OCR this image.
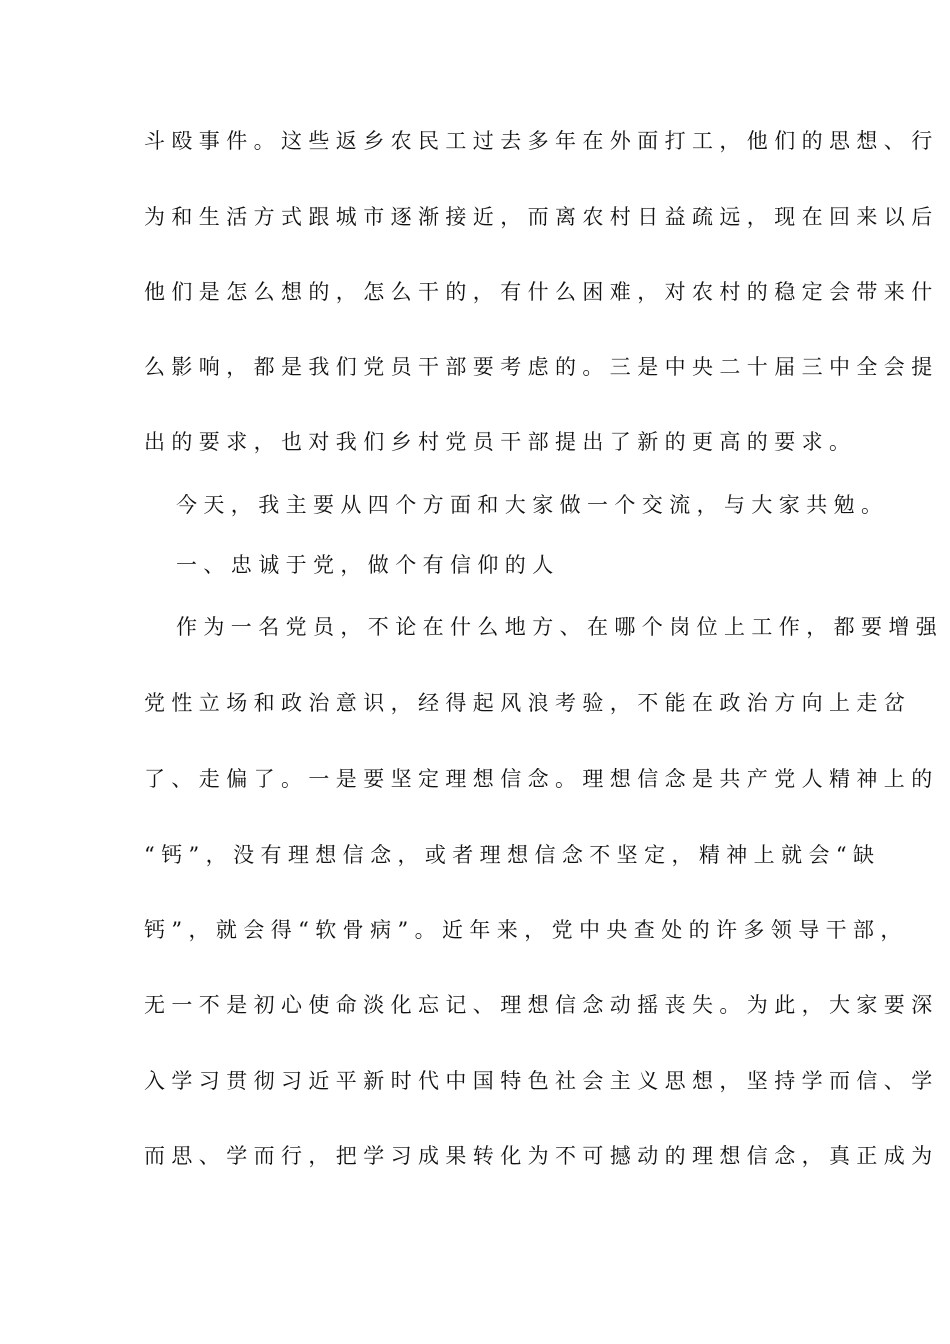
斗殴事件。这些返乡农民工过去多年在外面打工，他们的思想、行
为和生活方式跟城市逐渐接近，而离农村日益疏远，现在回来以后
他们是怎么想的，怎么干的，有什么困难，对农村的稳定会带来什
么影响，都是我们党员干部要考虑的。三是中央二十届三中全会提
出的要求，也对我们乡村党员干部提出了新的更高的要求。
今天，我主要从四个方面和大家做一个交流，与大家共勉。
一、忠诚于党，做个有信仰的人
作为一名党员，不论在什么地方、在哪个岗位上工作，都要增强
党性立场和政治意识，经得起风浪考验，不能在政治方向上走岔
了、走偏了。一是要坚定理想信念。理想信念是共产党人精神上的
“钙”，没有理想信念，或者理想信念不坚定，精神上就会“缺
钙”，就会得“软骨病”。近年来，党中央查处的许多领导干部，
无一不是初心使命淡化忘记、理想信念动摇丧失。为此，大家要深
入学习贯彻习近平新时代中国特色社会主义思想，坚持学而信、学
而思、学而行，把学习成果转化为不可撼动的理想信念，真正成为
